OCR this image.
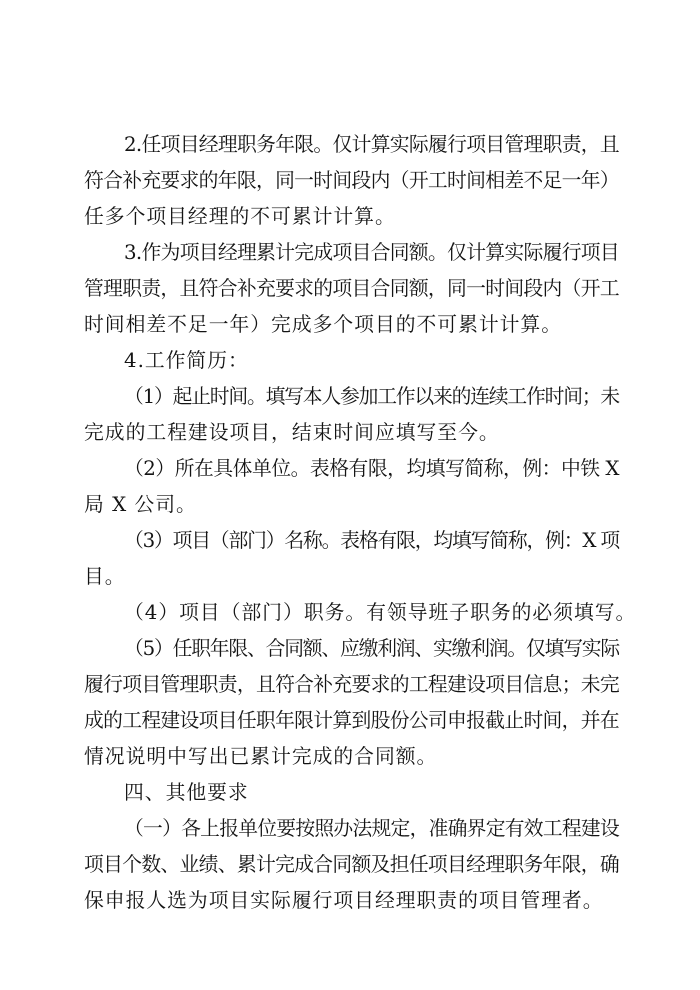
2.任项目经理职务年限。仅计算实际履行项目管理职责，且
符合补充要求的年限，同一时间段内（开工时间相差不足一年）
任多个项目经理的不可累计计算。
3.作为项目经理累计完成项目合同额。仅计算实际履行项目
管理职责，且符合补充要求的项目合同额，同一时间段内（开工
时间相差不足一年）完成多个项目的不可累计计算。
4.工作简历：
（1）起止时间。填写本人参加工作以来的连续工作时间；未
完成的工程建设项目，结束时间应填写至今。
（2）所在具体单位。表格有限，均填写简称，例：中铁 X
局 X 公司。
（3）项目（部门）名称。表格有限，均填写简称，例：X 项
目。
（4）项目（部门）职务。有领导班子职务的必须填写。
（5）任职年限、合同额、应缴利润、实缴利润。仅填写实际
履行项目管理职责，且符合补充要求的工程建设项目信息；未完
成的工程建设项目任职年限计算到股份公司申报截止时间，并在
情况说明中写出已累计完成的合同额。
四、其他要求
（一）各上报单位要按照办法规定，准确界定有效工程建设
项目个数、业绩、累计完成合同额及担任项目经理职务年限，确
保申报人选为项目实际履行项目经理职责的项目管理者。
